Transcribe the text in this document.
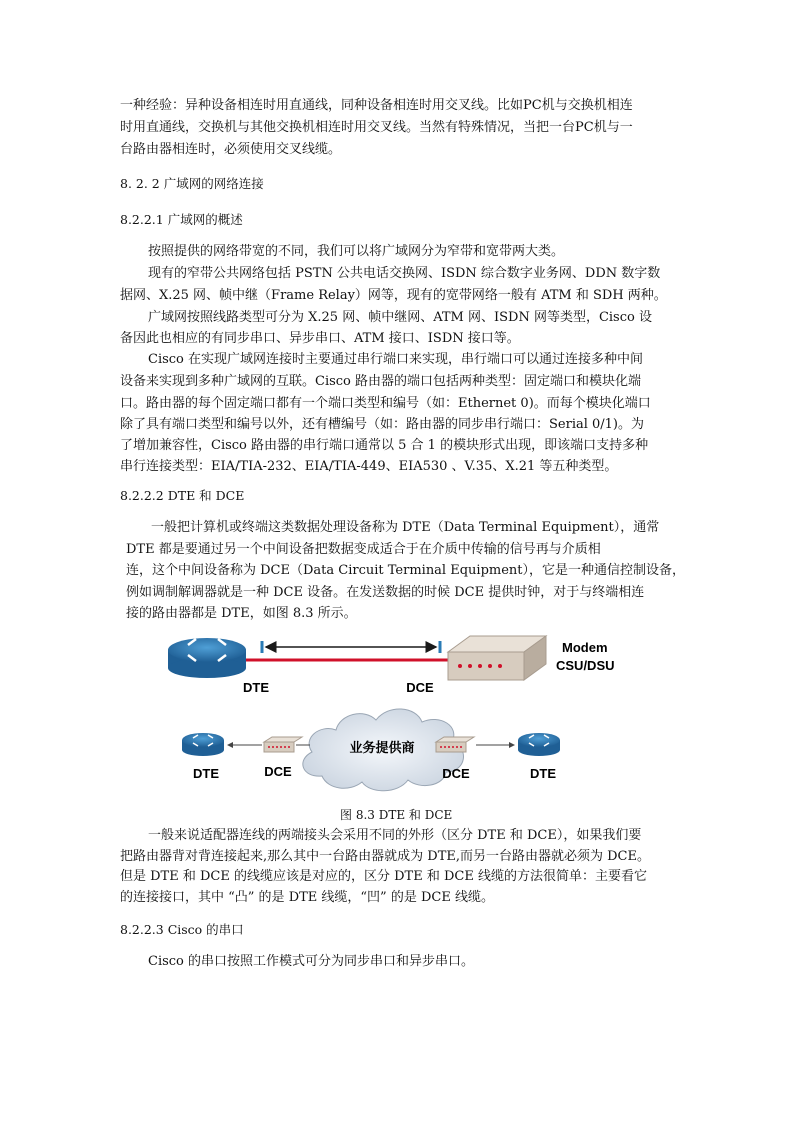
一种经验：异种设备相连时用直通线，同种设备相连时用交叉线。比如PC机与交换机相连
时用直通线，交换机与其他交换机相连时用交叉线。当然有特殊情况，当把一台PC机与一
台路由器相连时，必须使用交叉线缆。
8. 2. 2 广域网的网络连接
8.2.2.1 广域网的概述
按照提供的网络带宽的不同，我们可以将广域网分为窄带和宽带两大类。
现有的窄带公共网络包括 PSTN 公共电话交换网、ISDN 综合数字业务网、DDN 数字数
据网、X.25 网、帧中继（Frame Relay）网等，现有的宽带网络一般有 ATM 和 SDH 两种。
广域网按照线路类型可分为 X.25 网、帧中继网、ATM 网、ISDN 网等类型，Cisco 设
备因此也相应的有同步串口、异步串口、ATM 接口、ISDN 接口等。
Cisco 在实现广域网连接时主要通过串行端口来实现，串行端口可以通过连接多种中间
设备来实现到多种广域网的互联。Cisco 路由器的端口包括两种类型：固定端口和模块化端
口。路由器的每个固定端口都有一个端口类型和编号（如：Ethernet 0)。而每个模块化端口
除了具有端口类型和编号以外，还有槽编号（如：路由器的同步串行端口：Serial 0/1)。为
了增加兼容性，Cisco 路由器的串行端口通常以 5 合 1 的模块形式出现，即该端口支持多种
串行连接类型：EIA/TIA-232、EIA/TIA-449、EIA530 、V.35、X.21 等五种类型。
8.2.2.2 DTE 和 DCE
一般把计算机或终端这类数据处理设备称为 DTE（Data Terminal Equipment），通常
DTE 都是要通过另一个中间设备把数据变成适合于在介质中传输的信号再与介质相
连，这个中间设备称为 DCE（Data Circuit Terminal Equipment），它是一种通信控制设备，
例如调制解调器就是一种 DCE 设备。在发送数据的时候 DCE 提供时钟，对于与终端相连
接的路由器都是 DTE，如图 8.3 所示。
DTE	DCE
Modem
CSU/DSU
业务提供商
DTE	DCE	DCE	DTE
图 8.3 DTE 和 DCE
一般来说适配器连线的两端接头会采用不同的外形（区分 DTE 和 DCE），如果我们要
把路由器背对背连接起来,那么其中一台路由器就成为 DTE,而另一台路由器就必须为 DCE。
但是 DTE 和 DCE 的线缆应该是对应的，区分 DTE 和 DCE 线缆的方法很简单：主要看它
的连接接口，其中 “凸” 的是 DTE 线缆，“凹” 的是 DCE 线缆。
8.2.2.3 Cisco 的串口
Cisco 的串口按照工作模式可分为同步串口和异步串口。
